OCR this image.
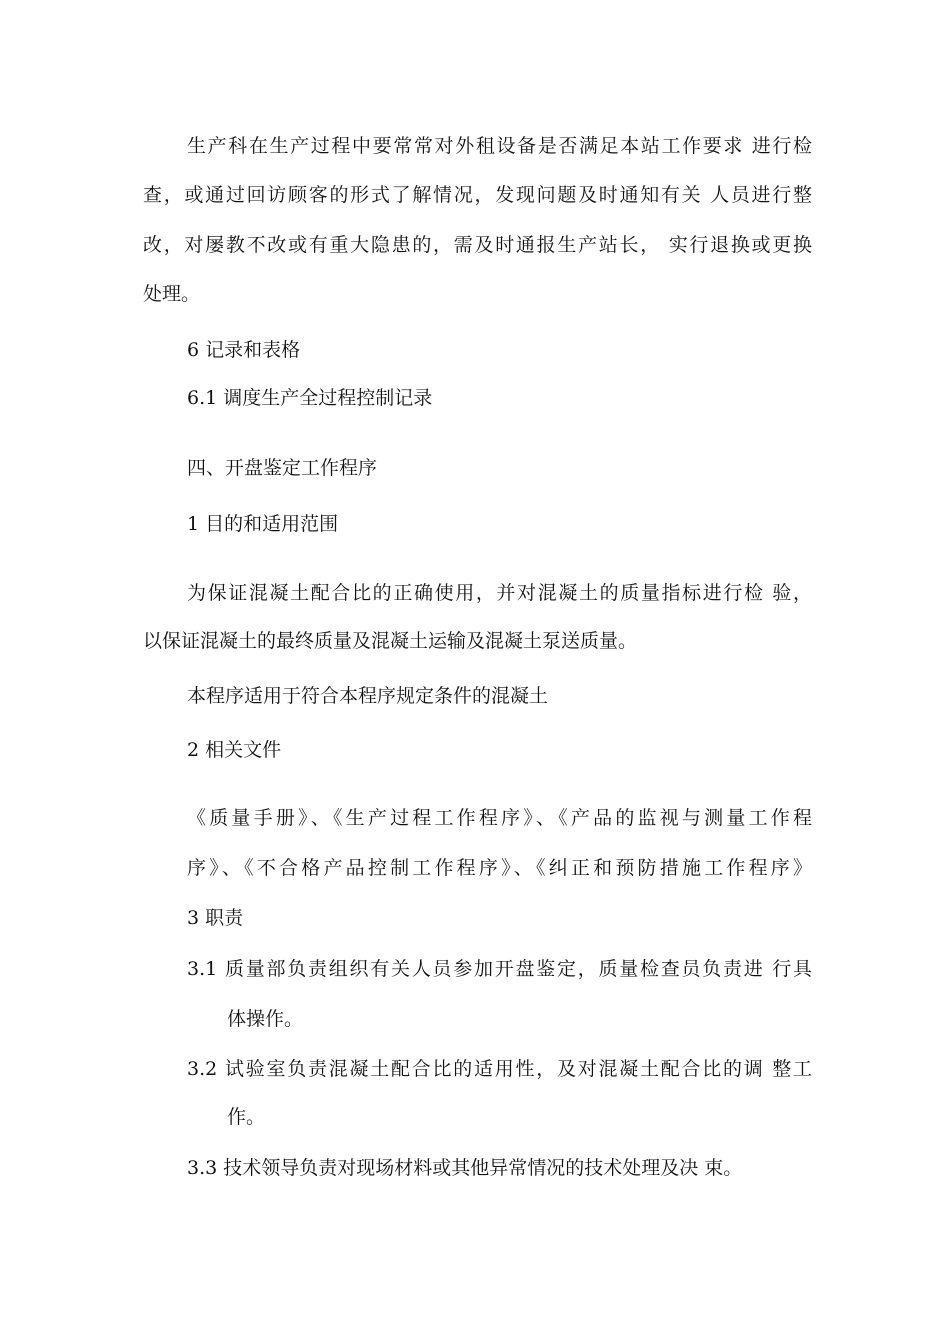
生产科在生产过程中要常常对外租设备是否满足本站工作要求 进行检
查，或通过回访顾客的形式了解情况，发现问题及时通知有关 人员进行整
改，对屡教不改或有重大隐患的，需及时通报生产站长， 实行退换或更换
处理。
6 记录和表格
6.1 调度生产全过程控制记录
四、开盘鉴定工作程序
1 目的和适用范围
为保证混凝土配合比的正确使用，并对混凝土的质量指标进行检 验，
以保证混凝土的最终质量及混凝土运输及混凝土泵送质量。
本程序适用于符合本程序规定条件的混凝土
2 相关文件
《质量手册》、《生产过程工作程序》、《产品的监视与测量工作程
序》、《不合格产品控制工作程序》、《纠正和预防措施工作程序》
3 职责
3.1 质量部负责组织有关人员参加开盘鉴定，质量检查员负责进 行具
体操作。
3.2 试验室负责混凝土配合比的适用性，及对混凝土配合比的调 整工
作。
3.3 技术领导负责对现场材料或其他异常情况的技术处理及决 束。
